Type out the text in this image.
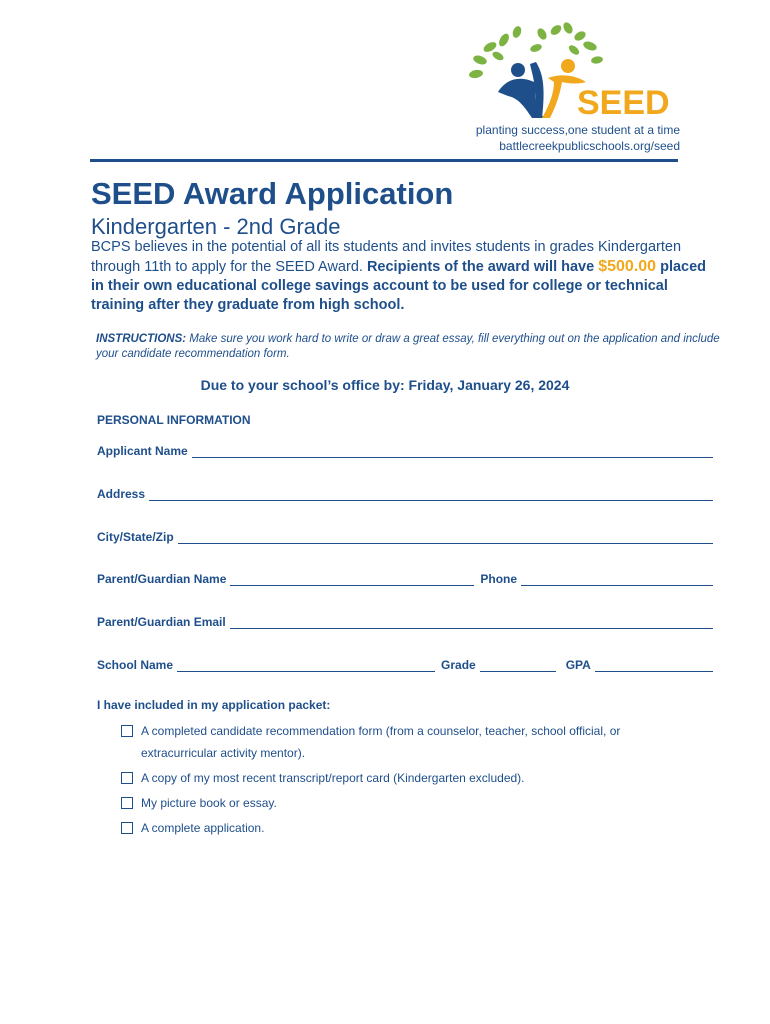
SEED
planting success,one student at a time
battlecreekpublicschools.org/seed
SEED Award Application
Kindergarten - 2nd Grade
BCPS believes in the potential of all its students and invites students in grades Kindergarten through 11th to apply for the SEED Award. Recipients of the award will have $500.00 placed in their own educational college savings account to be used for college or technical training after they graduate from high school.
INSTRUCTIONS: Make sure you work hard to write or draw a great essay, fill everything out on the application and include your candidate recommendation form.
Due to your school’s office by: Friday, January 26, 2024
PERSONAL INFORMATION
Applicant Name
Address
City/State/Zip
Parent/Guardian Name	Phone
Parent/Guardian Email
School Name	Grade	GPA
I have included in my application packet:
A completed candidate recommendation form (from a counselor, teacher, school official, or extracurricular activity mentor).
A copy of my most recent transcript/report card (Kindergarten excluded).
My picture book or essay.
A complete application.
